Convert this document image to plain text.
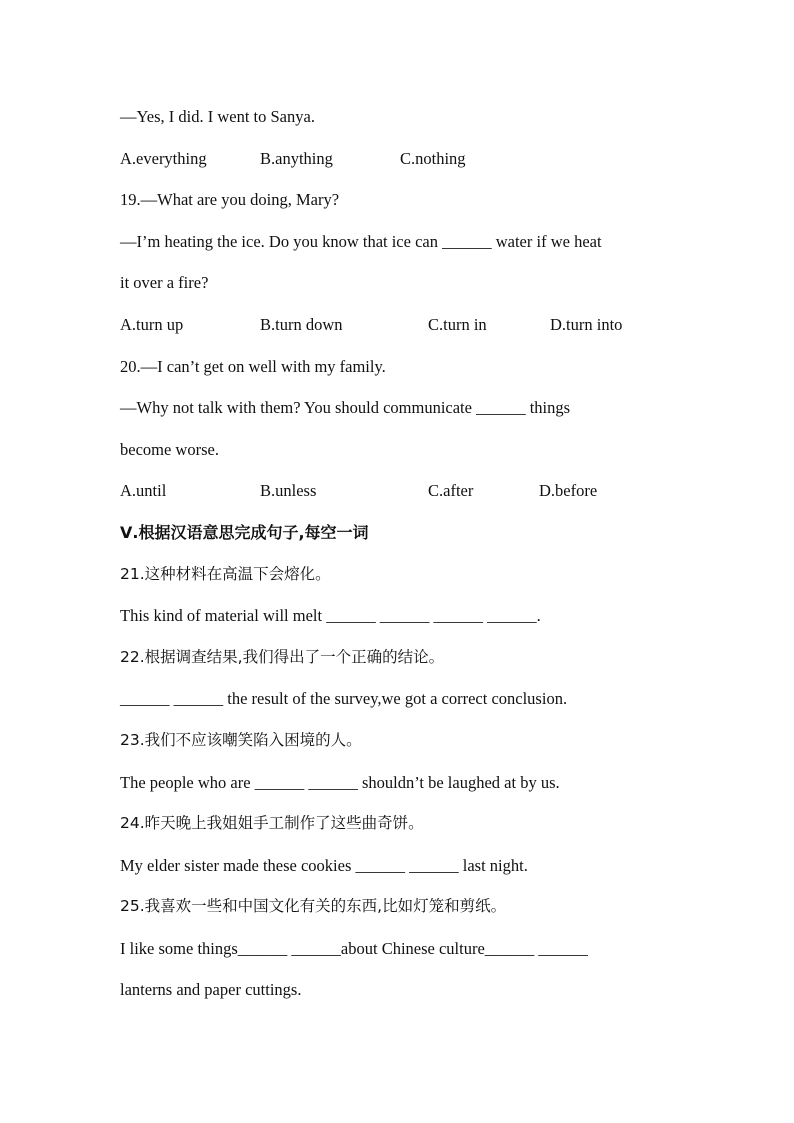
—Yes, I did. I went to Sanya.
A.everything	B.anything	C.nothing
19.—What are you doing, Mary?
—I’m heating the ice. Do you know that ice can ______ water if we heat
it over a fire?
A.turn up	B.turn down	C.turn in	D.turn into
20.—I can’t get on well with my family.
—Why not talk with them? You should communicate ______ things
become worse.
A.until	B.unless	C.after	D.before
Ⅴ.根据汉语意思完成句子,每空一词
21.这种材料在高温下会熔化。
This kind of material will melt ______ ______ ______ ______.
22.根据调查结果,我们得出了一个正确的结论。
______ ______ the result of the survey,we got a correct conclusion.
23.我们不应该嘲笑陷入困境的人。
The people who are ______ ______ shouldn’t be laughed at by us.
24.昨天晚上我姐姐手工制作了这些曲奇饼。
My elder sister made these cookies ______ ______ last night.
25.我喜欢一些和中国文化有关的东西,比如灯笼和剪纸。
I like some things______ ______about Chinese culture______ ______
lanterns and paper cuttings.
